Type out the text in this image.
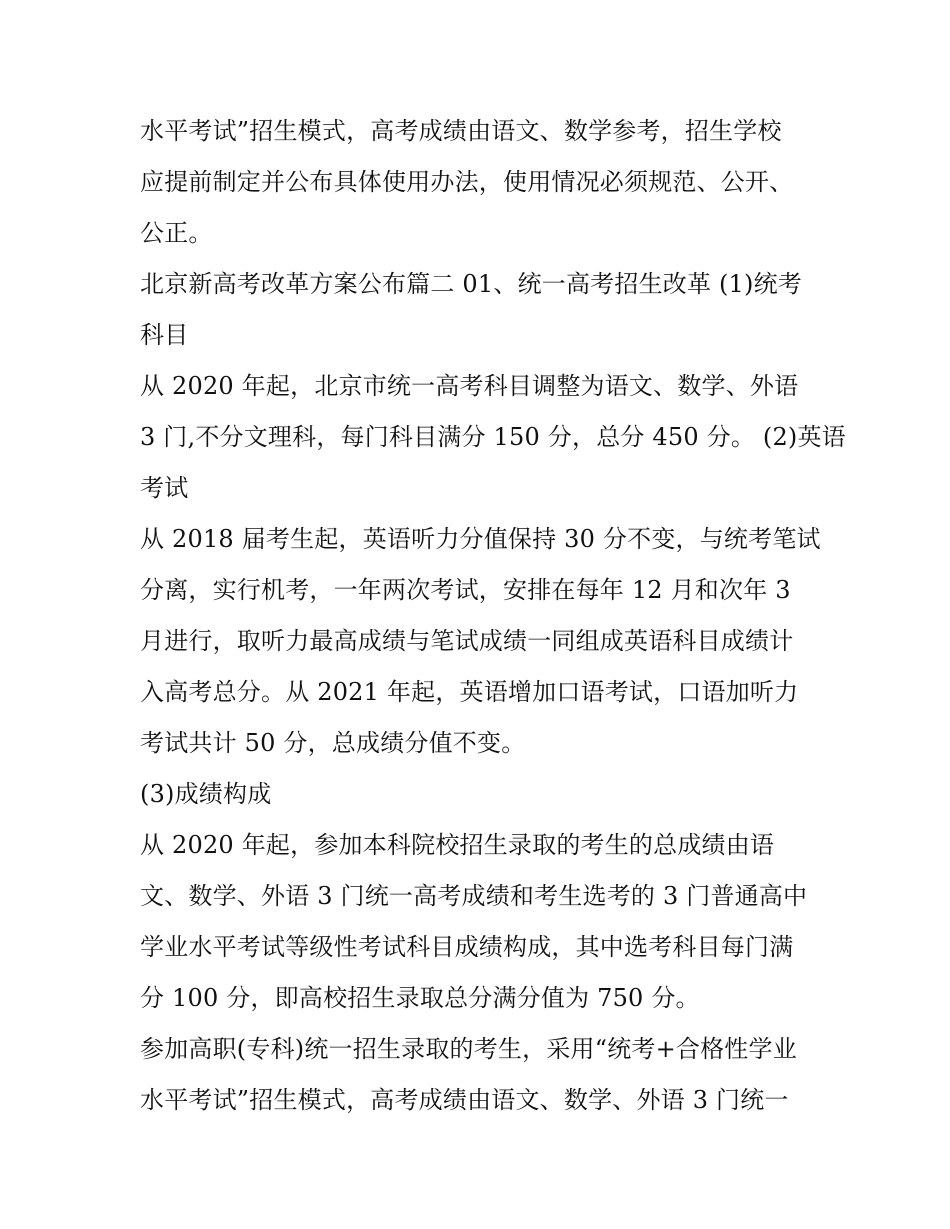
水平考试”招生模式，高考成绩由语文、数学参考，招生学校
应提前制定并公布具体使用办法，使用情况必须规范、公开、
公正。
北京新高考改革方案公布篇二 01、统一高考招生改革 (1)统考
科目
从 2020 年起，北京市统一高考科目调整为语文、数学、外语
3 门,不分文理科，每门科目满分 150 分，总分 450 分。 (2)英语
考试
从 2018 届考生起，英语听力分值保持 30 分不变，与统考笔试
分离，实行机考，一年两次考试，安排在每年 12 月和次年 3
月进行，取听力最高成绩与笔试成绩一同组成英语科目成绩计
入高考总分。从 2021 年起，英语增加口语考试，口语加听力
考试共计 50 分，总成绩分值不变。
(3)成绩构成
从 2020 年起，参加本科院校招生录取的考生的总成绩由语
文、数学、外语 3 门统一高考成绩和考生选考的 3 门普通高中
学业水平考试等级性考试科目成绩构成，其中选考科目每门满
分 100 分，即高校招生录取总分满分值为 750 分。
参加高职(专科)统一招生录取的考生，采用“统考+合格性学业
水平考试”招生模式，高考成绩由语文、数学、外语 3 门统一
